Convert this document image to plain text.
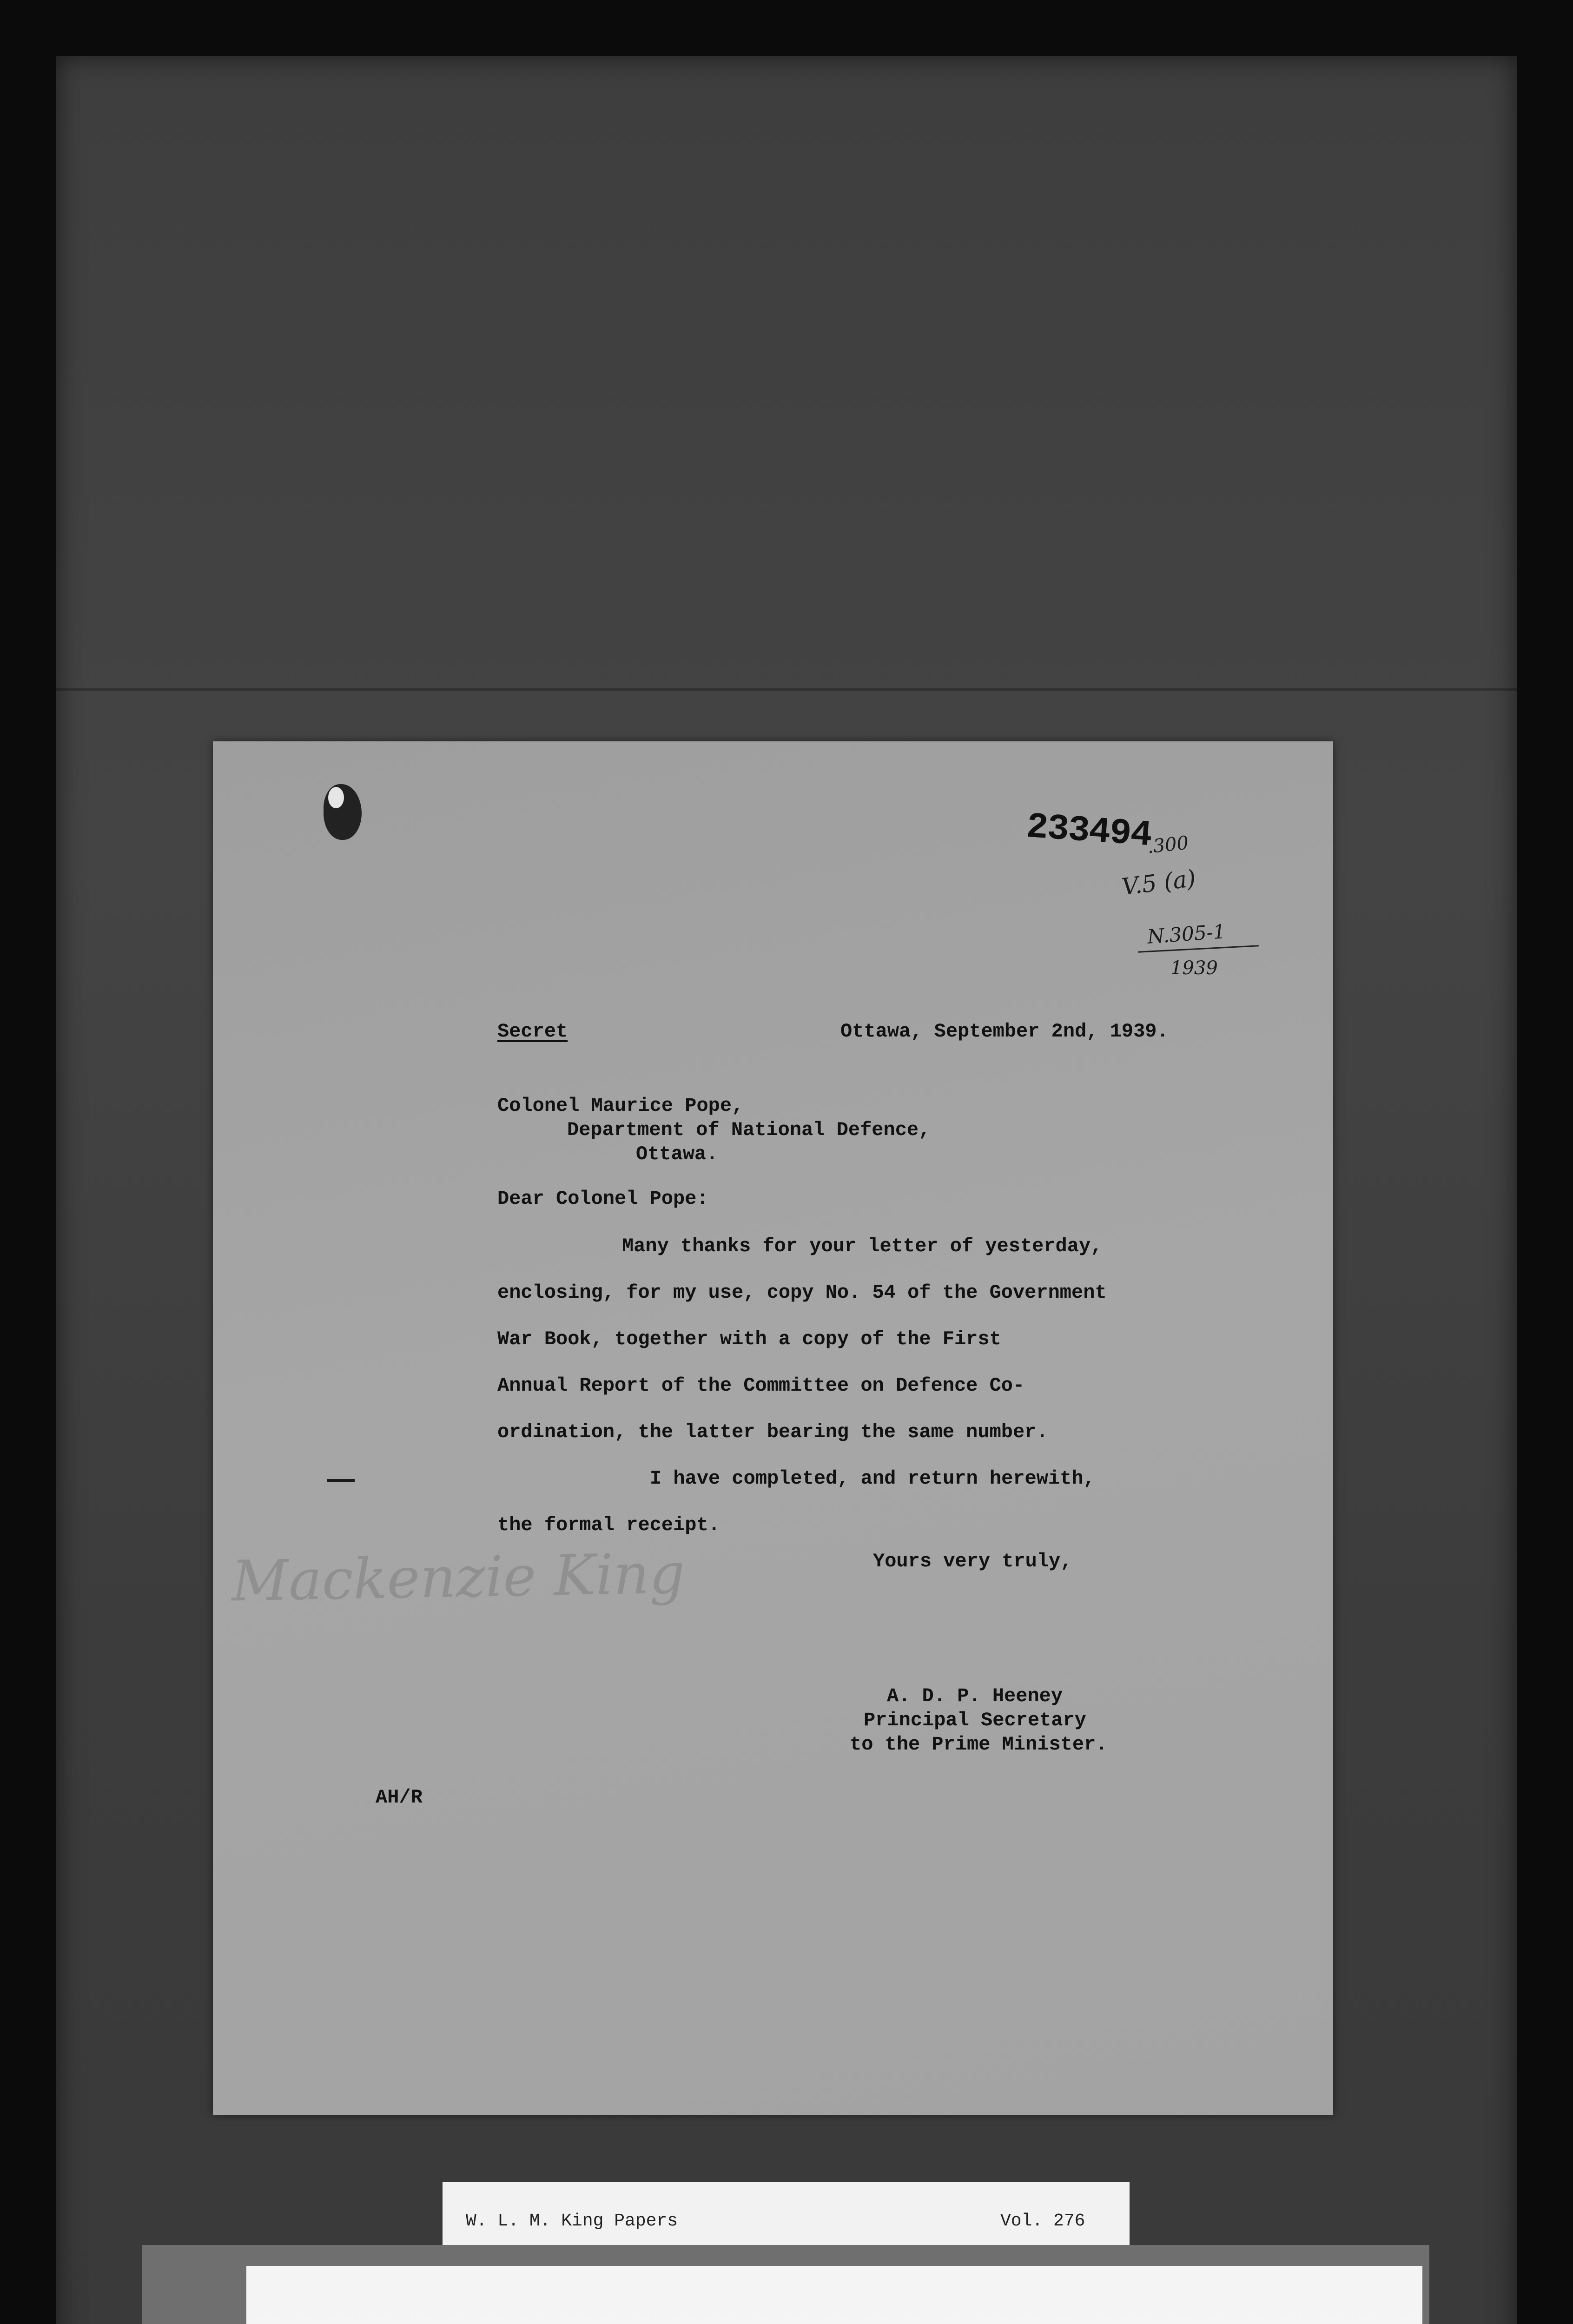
233494
.300
V.5 (a)
N.305-1
1939
Secret	Ottawa, September 2nd, 1939.
Colonel Maurice Pope,
Department of National Defence,
Ottawa.
Dear Colonel Pope:
Many thanks for your letter of yesterday,
enclosing, for my use, copy No. 54 of the Government
War Book, together with a copy of the First
Annual Report of the Committee on Defence Co-
ordination, the latter bearing the same number.
I have completed, and return herewith,
the formal receipt.
Mackenzie King	Yours very truly,
A. D. P. Heeney
Principal Secretary
to the Prime Minister.
AH/R
W. L. M. King Papers	Vol. 276
